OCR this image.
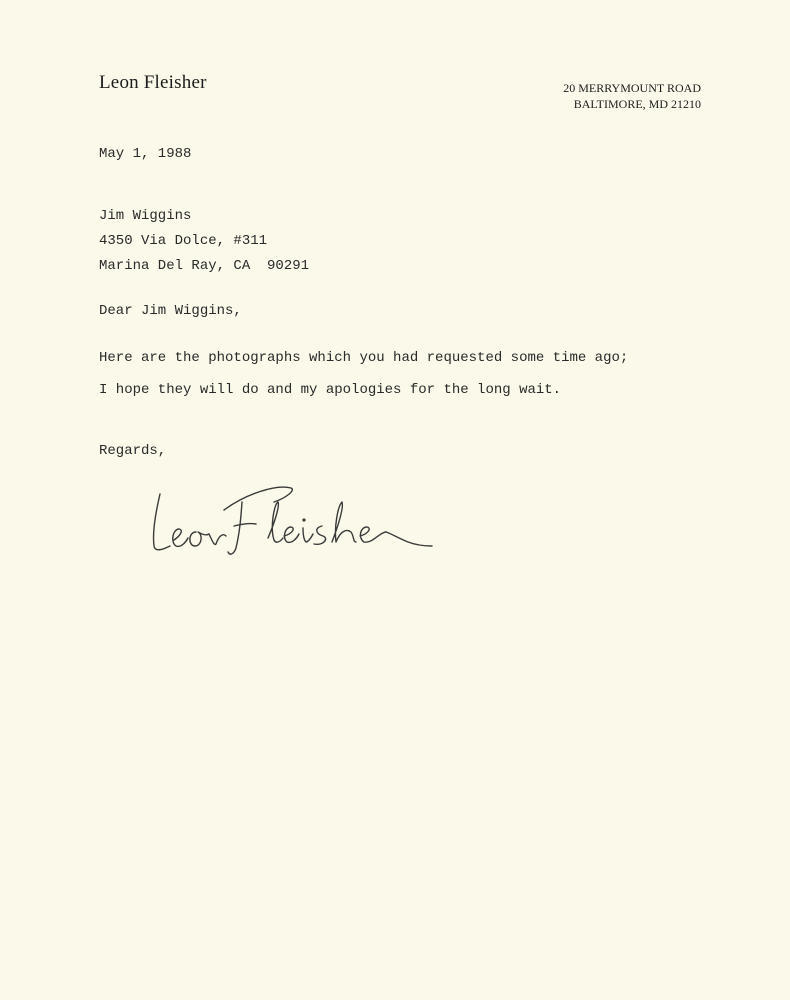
Leon Fleisher	20 MERRYMOUNT ROAD
BALTIMORE, MD 21210
May 1, 1988
Jim Wiggins
4350 Via Dolce, #311
Marina Del Ray, CA  90291
Dear Jim Wiggins,
Here are the photographs which you had requested some time ago;
I hope they will do and my apologies for the long wait.
Regards,
